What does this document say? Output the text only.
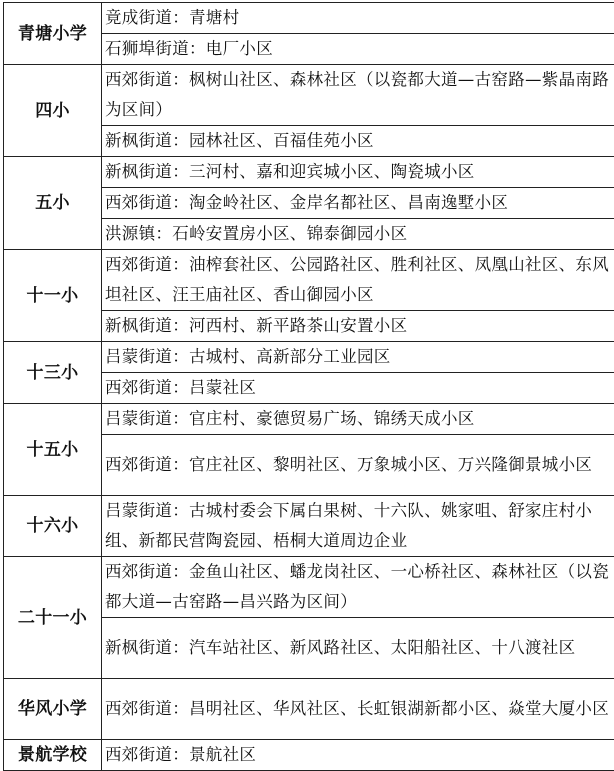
青塘小学	竟成街道：青塘村
	石狮埠街道：电厂小区
四小	西郊街道：枫树山社区、森林社区（以瓷都大道—古窑路—紫晶南路为区间）
	新枫街道：园林社区、百福佳苑小区
五小	新枫街道：三河村、嘉和迎宾城小区、陶瓷城小区
	西郊街道：淘金岭社区、金岸名都社区、昌南逸墅小区
	洪源镇：石岭安置房小区、锦泰御园小区
十一小	西郊街道：油榨套社区、公园路社区、胜利社区、凤凰山社区、东风坦社区、汪王庙社区、香山御园小区
	新枫街道：河西村、新平路茶山安置小区
十三小	吕蒙街道：古城村、高新部分工业园区
	西郊街道：吕蒙社区
十五小	吕蒙街道：官庄村、豪德贸易广场、锦绣天成小区
	西郊街道：官庄社区、黎明社区、万象城小区、万兴隆御景城小区
十六小	吕蒙街道：古城村委会下属白果树、十六队、姚家咀、舒家庄村小组、新都民营陶瓷园、梧桐大道周边企业
二十一小	西郊街道：金鱼山社区、蟠龙岗社区、一心桥社区、森林社区（以瓷都大道—古窑路—昌兴路为区间）
	新枫街道：汽车站社区、新风路社区、太阳船社区、十八渡社区
华风小学	西郊街道：昌明社区、华风社区、长虹银湖新都小区、焱堂大厦小区
景航学校	西郊街道：景航社区
